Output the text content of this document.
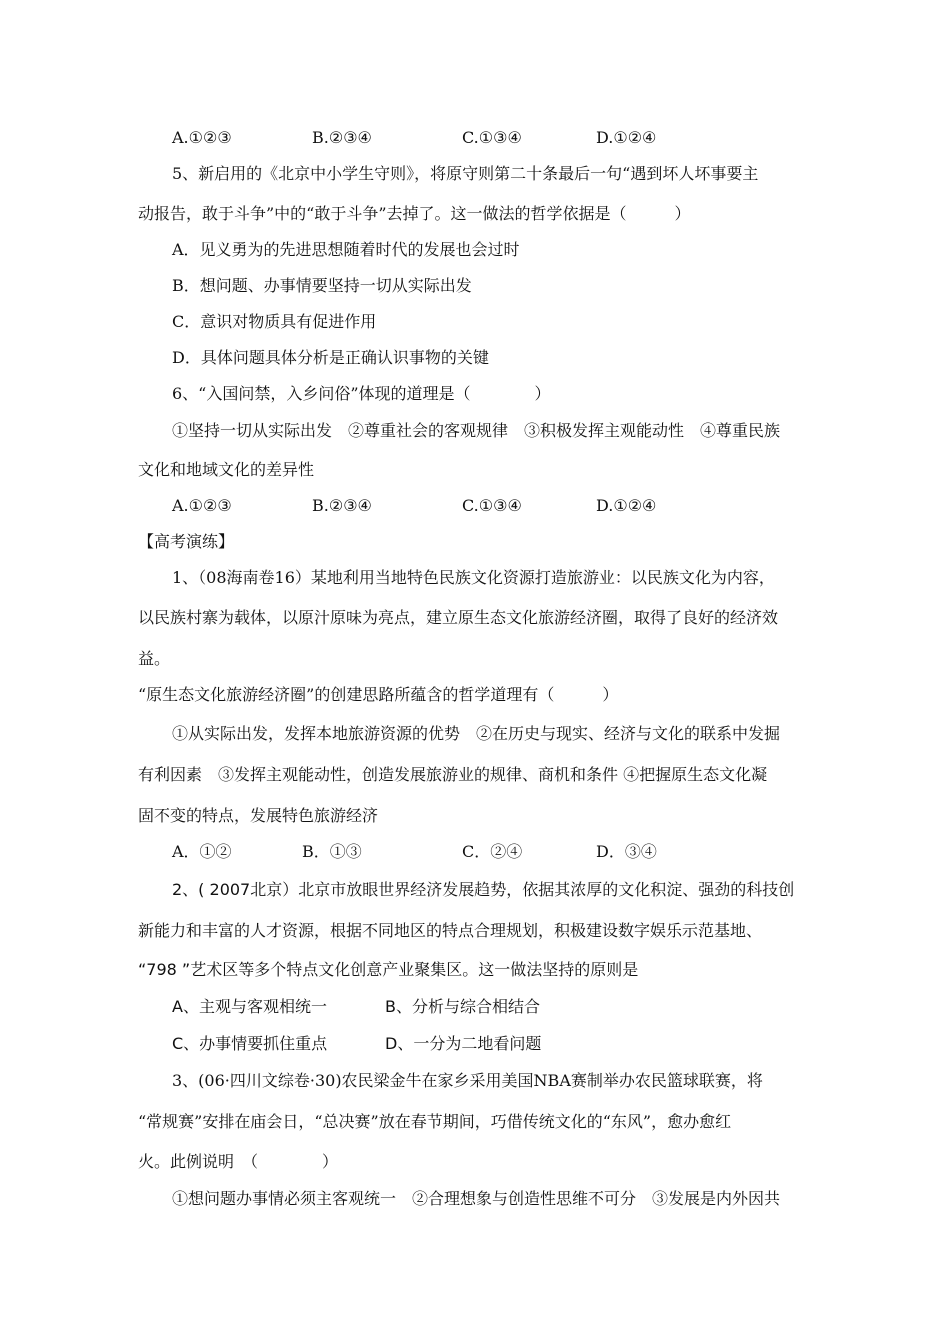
A.①②③	B.②③④	C.①③④	D.①②④
5、新启用的《北京中小学生守则》，将原守则第二十条最后一句“遇到坏人坏事要主
动报告，敢于斗争”中的“敢于斗争”去掉了。这一做法的哲学依据是（　　　）
A．见义勇为的先进思想随着时代的发展也会过时
B．想问题、办事情要坚持一切从实际出发
C．意识对物质具有促进作用
D．具体问题具体分析是正确认识事物的关键
6、“入国问禁，入乡问俗”体现的道理是（　　　　）
①坚持一切从实际出发　②尊重社会的客观规律　③积极发挥主观能动性　④尊重民族
文化和地域文化的差异性
A.①②③	B.②③④	C.①③④	D.①②④
【高考演练】
1、（08海南卷16）某地利用当地特色民族文化资源打造旅游业：以民族文化为内容，
以民族村寨为载体，以原汁原味为亮点，建立原生态文化旅游经济圈，取得了良好的经济效
益。
“原生态文化旅游经济圈”的创建思路所蕴含的哲学道理有（　　　）
①从实际出发，发挥本地旅游资源的优势　②在历史与现实、经济与文化的联系中发掘
有利因素　③发挥主观能动性，创造发展旅游业的规律、商机和条件 ④把握原生态文化凝
固不变的特点，发展特色旅游经济
A．①②	B．①③	C．②④	D．③④
2、( 2007北京）北京市放眼世界经济发展趋势，依据其浓厚的文化积淀、强劲的科技创
新能力和丰富的人才资源，根据不同地区的特点合理规划，积极建设数字娱乐示范基地、
“798 ”艺术区等多个特点文化创意产业聚集区。这一做法坚持的原则是
A、主观与客观相统一	B、分析与综合相结合
C、办事情要抓住重点	D、一分为二地看问题
3、(06·四川文综卷·30)农民梁金牛在家乡采用美国NBA赛制举办农民篮球联赛，将
“常规赛”安排在庙会日，“总决赛”放在春节期间，巧借传统文化的“东风”，愈办愈红
火。此例说明　（　　　　）
①想问题办事情必须主客观统一　②合理想象与创造性思维不可分　③发展是内外因共
